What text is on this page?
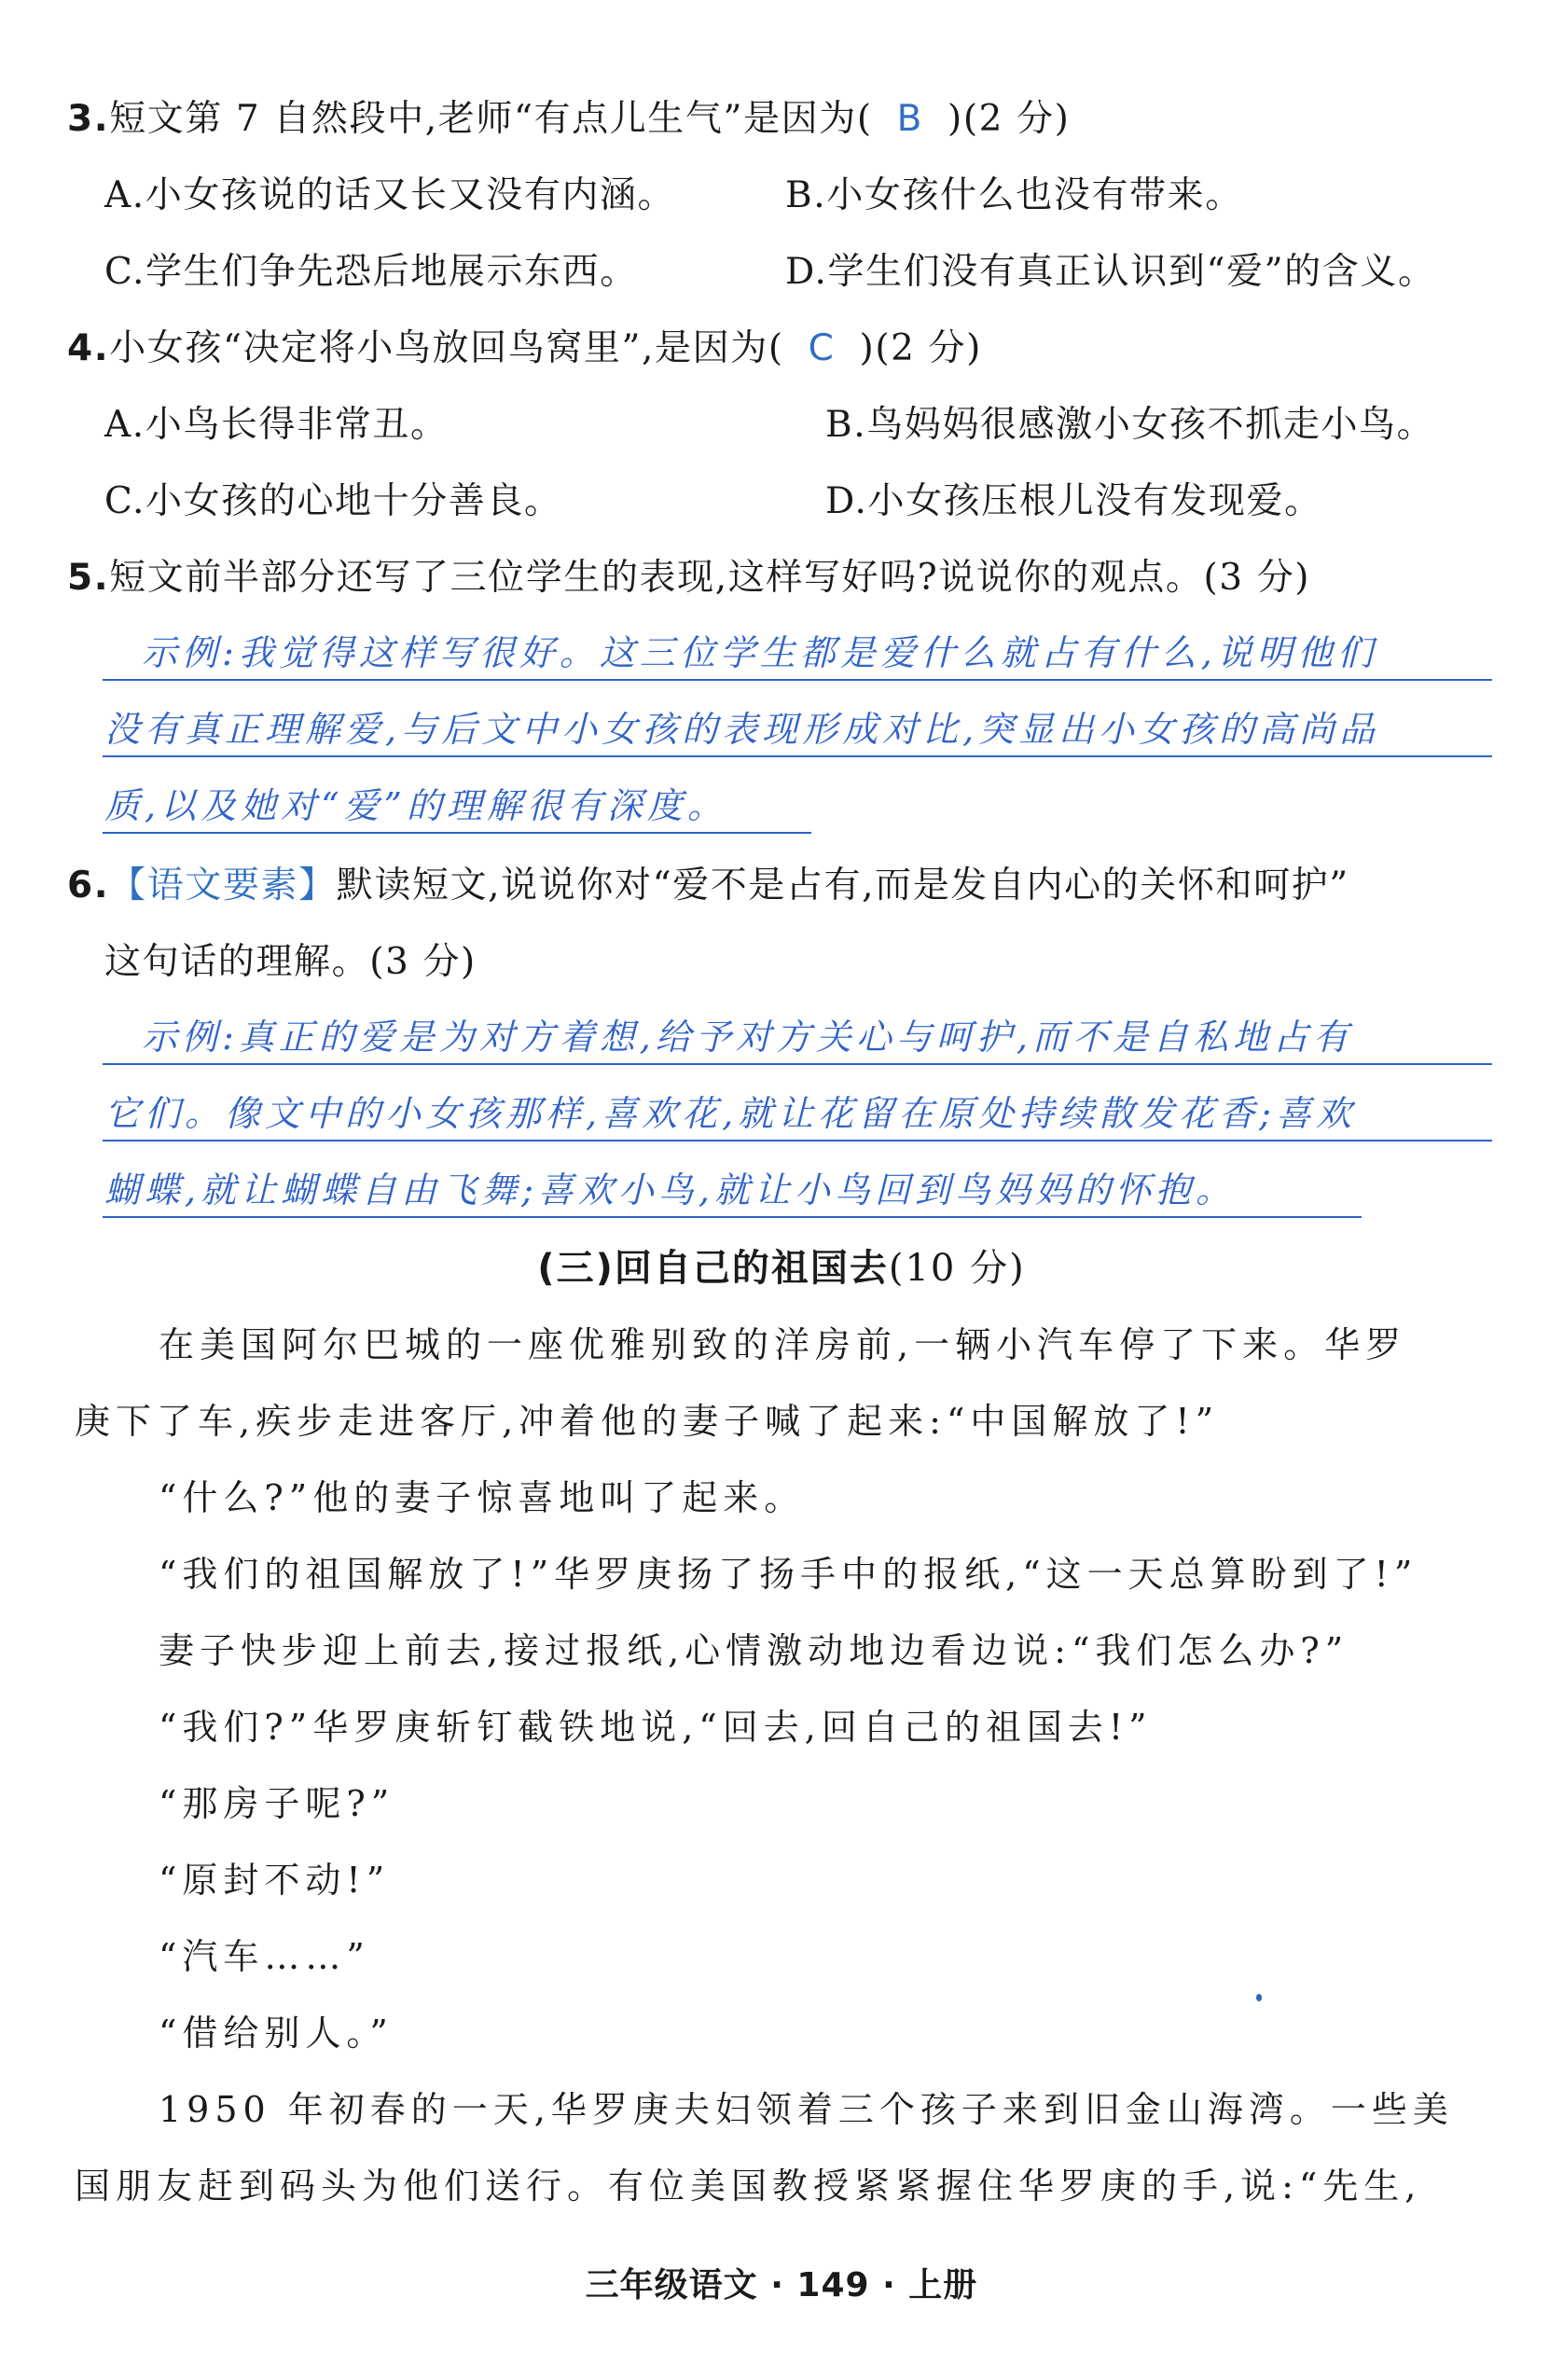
3.短文第 7 自然段中,老师“有点儿生气”是因为( B )(2 分)
A.小女孩说的话又长又没有内涵。	B.小女孩什么也没有带来。
C.学生们争先恐后地展示东西。	D.学生们没有真正认识到“爱”的含义。
4.小女孩“决定将小鸟放回鸟窝里”,是因为( C )(2 分)
A.小鸟长得非常丑。	B.鸟妈妈很感激小女孩不抓走小鸟。
C.小女孩的心地十分善良。	D.小女孩压根儿没有发现爱。
5.短文前半部分还写了三位学生的表现,这样写好吗?说说你的观点。(3 分)
示例:我觉得这样写很好。这三位学生都是爱什么就占有什么,说明他们
没有真正理解爱,与后文中小女孩的表现形成对比,突显出小女孩的高尚品
质,以及她对“爱”的理解很有深度。
6.【语文要素】默读短文,说说你对“爱不是占有,而是发自内心的关怀和呵护”
这句话的理解。(3 分)
示例:真正的爱是为对方着想,给予对方关心与呵护,而不是自私地占有
它们。像文中的小女孩那样,喜欢花,就让花留在原处持续散发花香;喜欢
蝴蝶,就让蝴蝶自由飞舞;喜欢小鸟,就让小鸟回到鸟妈妈的怀抱。
(三)回自己的祖国去(10 分)
在美国阿尔巴城的一座优雅别致的洋房前,一辆小汽车停了下来。华罗
庚下了车,疾步走进客厅,冲着他的妻子喊了起来:“中国解放了!”
“什么?”他的妻子惊喜地叫了起来。
“我们的祖国解放了!”华罗庚扬了扬手中的报纸,“这一天总算盼到了!”
妻子快步迎上前去,接过报纸,心情激动地边看边说:“我们怎么办?”
“我们?”华罗庚斩钉截铁地说,“回去,回自己的祖国去!”
“那房子呢?”
“原封不动!”
“汽车……”
“借给别人。”
1950 年初春的一天,华罗庚夫妇领着三个孩子来到旧金山海湾。一些美
国朋友赶到码头为他们送行。有位美国教授紧紧握住华罗庚的手,说:“先生,
三年级语文 · 149 · 上册
